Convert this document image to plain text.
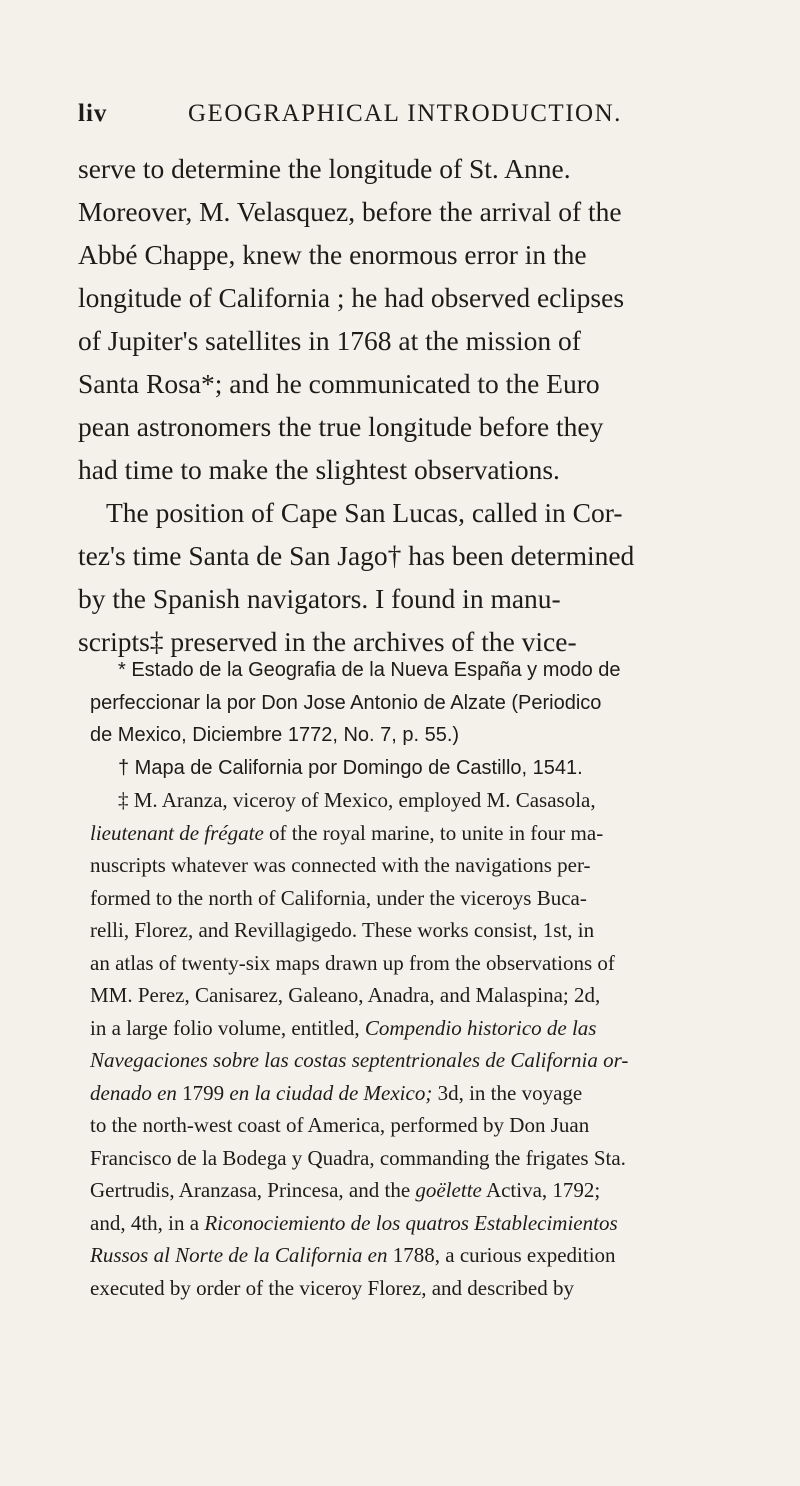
liv	GEOGRAPHICAL INTRODUCTION.
serve to determine the longitude of St. Anne.
Moreover, M. Velasquez, before the arrival of the
Abbé Chappe, knew the enormous error in the
longitude of California ; he had observed eclipses
of Jupiter's satellites in 1768 at the mission of
Santa Rosa*; and he communicated to the Euro
pean astronomers the true longitude before they
had time to make the slightest observations.
The position of Cape San Lucas, called in Cor-
tez's time Santa de San Jago† has been determined
by the Spanish navigators. I found in manu-
scripts‡ preserved in the archives of the vice-
* Estado de la Geografia de la Nueva España y modo de
perfeccionar la por Don Jose Antonio de Alzate (Periodico
de Mexico, Diciembre 1772, No. 7, p. 55.)
† Mapa de California por Domingo de Castillo, 1541.
‡ M. Aranza, viceroy of Mexico, employed M. Casasola,
lieutenant de frégate of the royal marine, to unite in four ma-
nuscripts whatever was connected with the navigations per-
formed to the north of California, under the viceroys Buca-
relli, Florez, and Revillagigedo. These works consist, 1st, in
an atlas of twenty-six maps drawn up from the observations of
MM. Perez, Canisarez, Galeano, Anadra, and Malaspina; 2d,
in a large folio volume, entitled, Compendio historico de las
Navegaciones sobre las costas septentrionales de California or-
denado en 1799 en la ciudad de Mexico; 3d, in the voyage
to the north-west coast of America, performed by Don Juan
Francisco de la Bodega y Quadra, commanding the frigates Sta.
Gertrudis, Aranzasa, Princesa, and the goëlette Activa, 1792;
and, 4th, in a Riconociemiento de los quatros Establecimientos
Russos al Norte de la California en 1788, a curious expedition
executed by order of the viceroy Florez, and described by
